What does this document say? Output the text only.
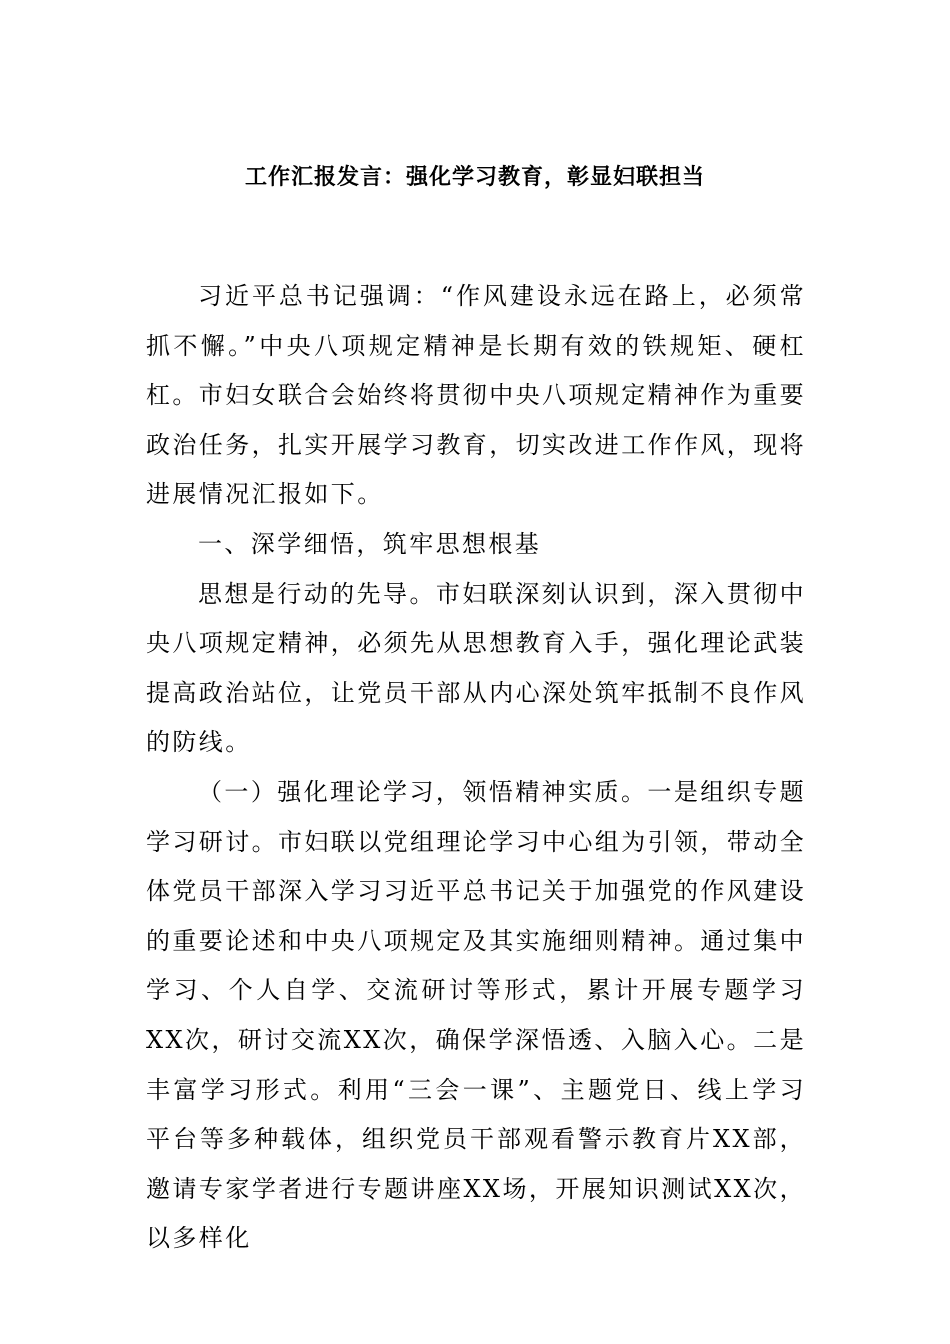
工作汇报发言：强化学习教育，彰显妇联担当

习近平总书记强调：“作风建设永远在路上，必须常抓不懈。”中央八项规定精神是长期有效的铁规矩、硬杠杠。市妇女联合会始终将贯彻中央八项规定精神作为重要政治任务，扎实开展学习教育，切实改进工作作风，现将进展情况汇报如下。

一、深学细悟，筑牢思想根基

思想是行动的先导。市妇联深刻认识到，深入贯彻中央八项规定精神，必须先从思想教育入手，强化理论武装提高政治站位，让党员干部从内心深处筑牢抵制不良作风的防线。

（一）强化理论学习，领悟精神实质。一是组织专题学习研讨。市妇联以党组理论学习中心组为引领，带动全体党员干部深入学习习近平总书记关于加强党的作风建设的重要论述和中央八项规定及其实施细则精神。通过集中学习、个人自学、交流研讨等形式，累计开展专题学习XX次，研讨交流XX次，确保学深悟透、入脑入心。二是丰富学习形式。利用“三会一课”、主题党日、线上学习平台等多种载体，组织党员干部观看警示教育片XX部，邀请专家学者进行专题讲座XX场，开展知识测试XX次，以多样化
